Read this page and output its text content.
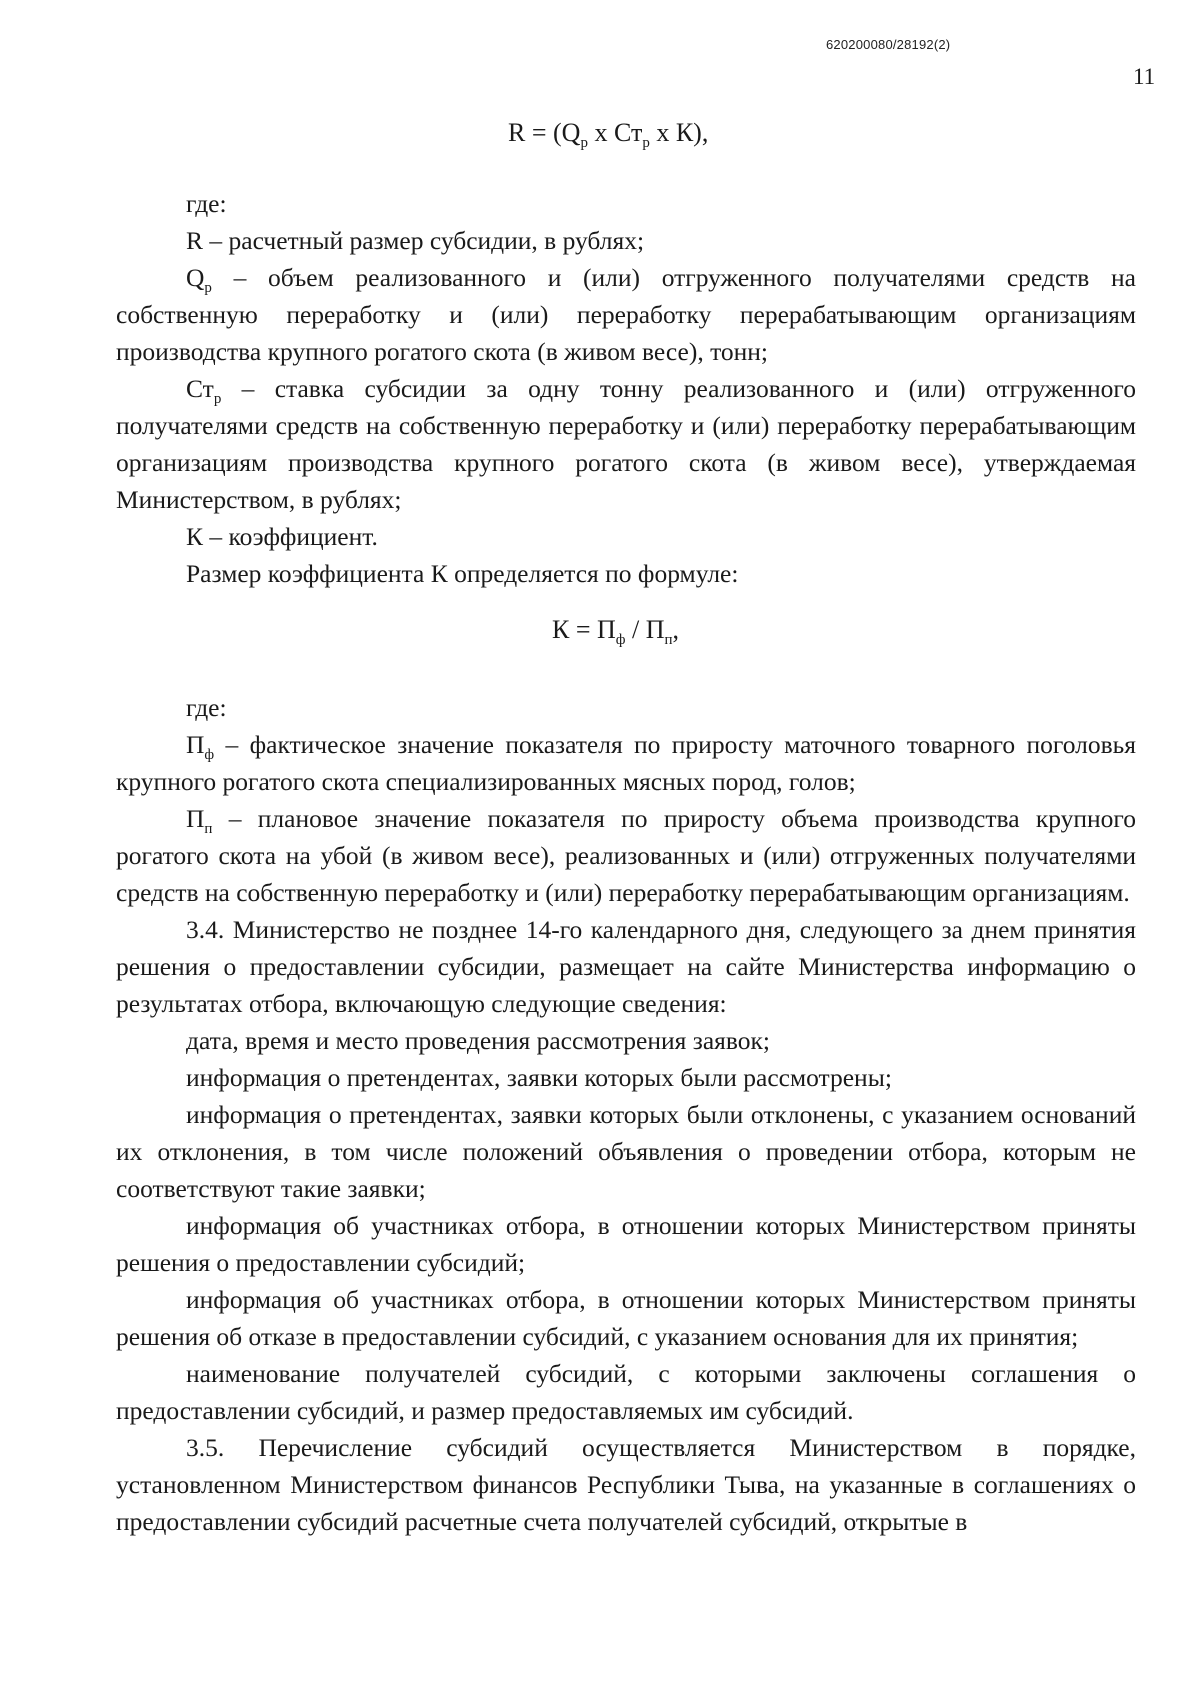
620200080/28192(2)
11
$R = (Q_р$ х $Ст_р$ х К),

где:

R – расчетный размер субсидии, в рублях;

$Q_р$ – объем реализованного и (или) отгруженного получателями средств на собственную переработку и (или) переработку перерабатывающим организациям производства крупного рогатого скота (в живом весе), тонн;

$Ст_р$ – ставка субсидии за одну тонну реализованного и (или) отгруженного получателями средств на собственную переработку и (или) переработку перерабатывающим организациям производства крупного рогатого скота (в живом весе), утверждаемая Министерством, в рублях;

К – коэффициент.

Размер коэффициента К определяется по формуле:

$К = П_ф / П_п$,

где:

$П_ф$ – фактическое значение показателя по приросту маточного товарного поголовья крупного рогатого скота специализированных мясных пород, голов;

$П_п$ – плановое значение показателя по приросту объема производства крупного рогатого скота на убой (в живом весе), реализованных и (или) отгруженных получателями средств на собственную переработку и (или) переработку перерабатывающим организациям.

3.4. Министерство не позднее 14-го календарного дня, следующего за днем принятия решения о предоставлении субсидии, размещает на сайте Министерства информацию о результатах отбора, включающую следующие сведения:

дата, время и место проведения рассмотрения заявок;

информация о претендентах, заявки которых были рассмотрены;

информация о претендентах, заявки которых были отклонены, с указанием оснований их отклонения, в том числе положений объявления о проведении отбора, которым не соответствуют такие заявки;

информация об участниках отбора, в отношении которых Министерством приняты решения о предоставлении субсидий;

информация об участниках отбора, в отношении которых Министерством приняты решения об отказе в предоставлении субсидий, с указанием основания для их принятия;

наименование получателей субсидий, с которыми заключены соглашения о предоставлении субсидий, и размер предоставляемых им субсидий.

3.5. Перечисление субсидий осуществляется Министерством в порядке, установленном Министерством финансов Республики Тыва, на указанные в соглашениях о предоставлении субсидий расчетные счета получателей субсидий, открытые в
